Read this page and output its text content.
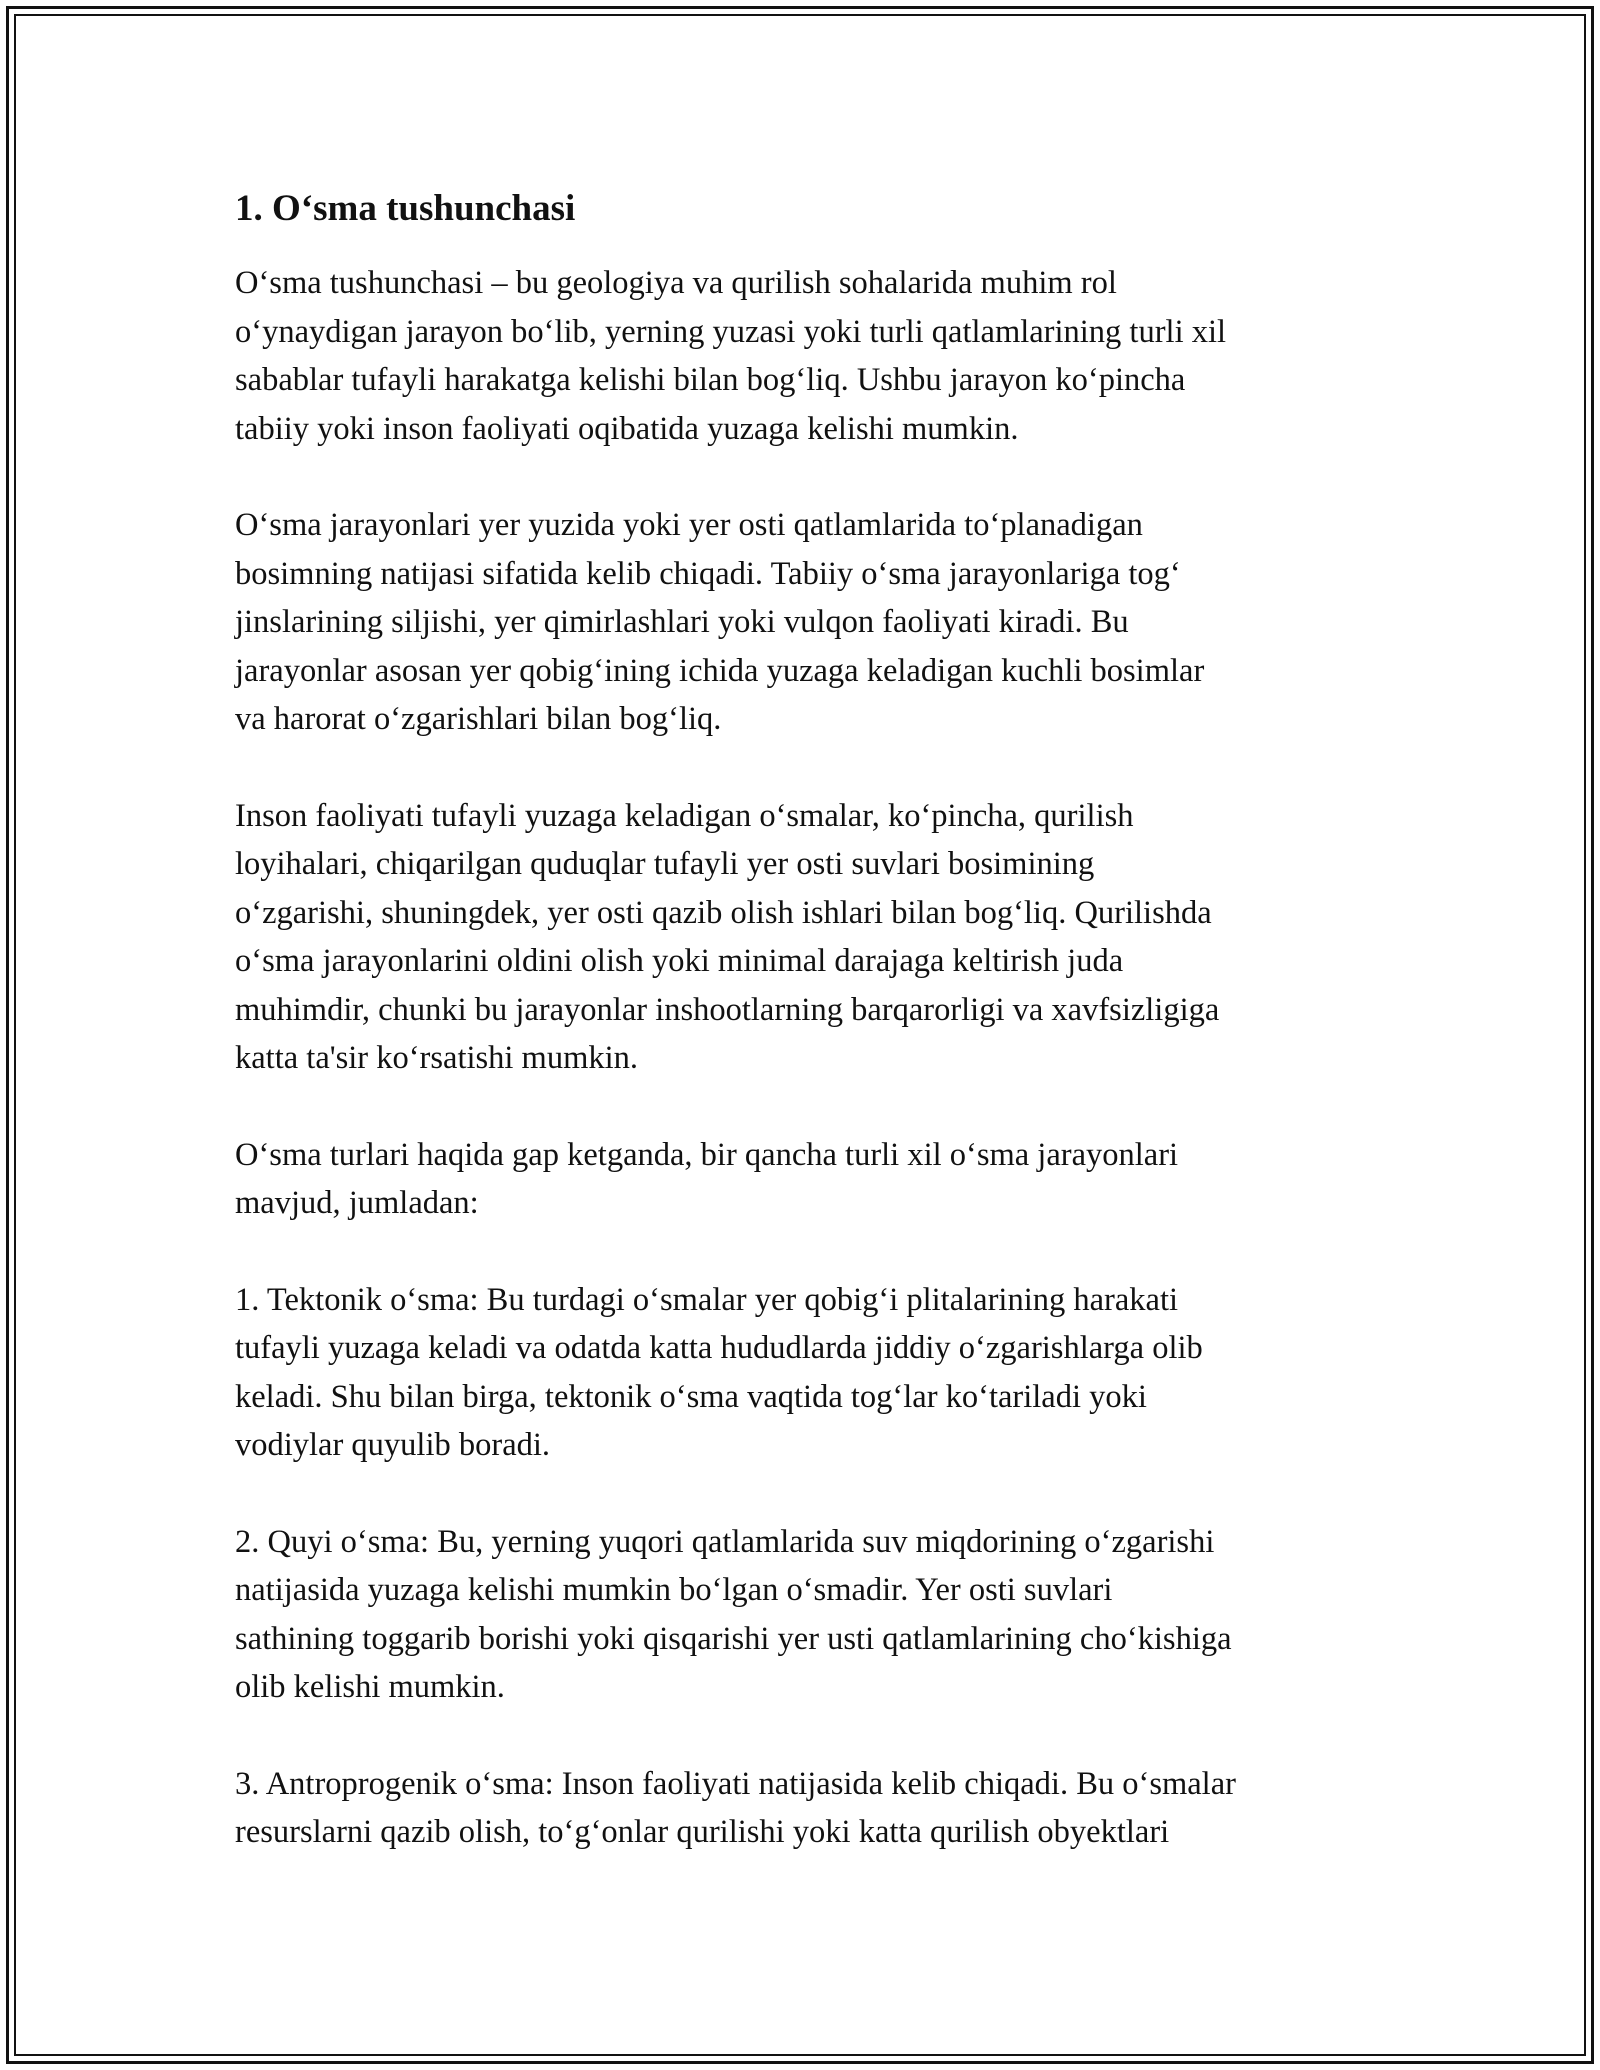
1. O‘sma tushunchasi

O‘sma tushunchasi – bu geologiya va qurilish sohalarida muhim rol
o‘ynaydigan jarayon bo‘lib, yerning yuzasi yoki turli qatlamlarining turli xil
sabablar tufayli harakatga kelishi bilan bog‘liq. Ushbu jarayon ko‘pincha
tabiiy yoki inson faoliyati oqibatida yuzaga kelishi mumkin.

O‘sma jarayonlari yer yuzida yoki yer osti qatlamlarida to‘planadigan
bosimning natijasi sifatida kelib chiqadi. Tabiiy o‘sma jarayonlariga tog‘
jinslarining siljishi, yer qimirlashlari yoki vulqon faoliyati kiradi. Bu
jarayonlar asosan yer qobig‘ining ichida yuzaga keladigan kuchli bosimlar
va harorat o‘zgarishlari bilan bog‘liq.

Inson faoliyati tufayli yuzaga keladigan o‘smalar, ko‘pincha, qurilish
loyihalari, chiqarilgan quduqlar tufayli yer osti suvlari bosimining
o‘zgarishi, shuningdek, yer osti qazib olish ishlari bilan bog‘liq. Qurilishda
o‘sma jarayonlarini oldini olish yoki minimal darajaga keltirish juda
muhimdir, chunki bu jarayonlar inshootlarning barqarorligi va xavfsizligiga
katta ta'sir ko‘rsatishi mumkin.

O‘sma turlari haqida gap ketganda, bir qancha turli xil o‘sma jarayonlari
mavjud, jumladan:

1. Tektonik o‘sma: Bu turdagi o‘smalar yer qobig‘i plitalarining harakati
tufayli yuzaga keladi va odatda katta hududlarda jiddiy o‘zgarishlarga olib
keladi. Shu bilan birga, tektonik o‘sma vaqtida tog‘lar ko‘tariladi yoki
vodiylar quyulib boradi.

2. Quyi o‘sma: Bu, yerning yuqori qatlamlarida suv miqdorining o‘zgarishi
natijasida yuzaga kelishi mumkin bo‘lgan o‘smadir. Yer osti suvlari
sathining toggarib borishi yoki qisqarishi yer usti qatlamlarining cho‘kishiga
olib kelishi mumkin.

3. Antroprogenik o‘sma: Inson faoliyati natijasida kelib chiqadi. Bu o‘smalar
resurslarni qazib olish, to‘g‘onlar qurilishi yoki katta qurilish obyektlari
